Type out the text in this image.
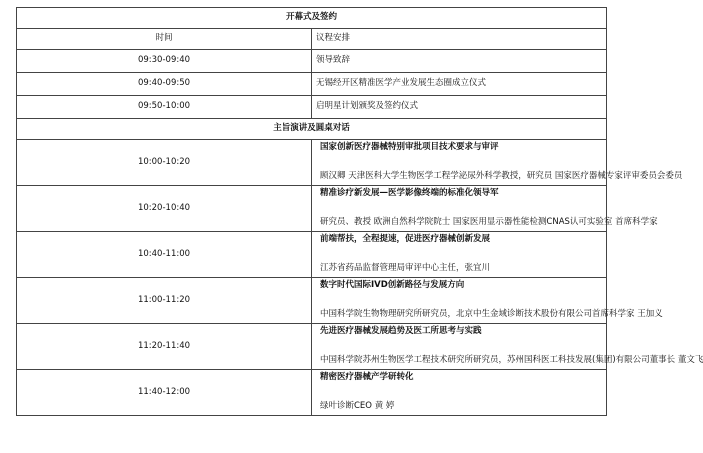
开幕式及签约	
时间	议程安排
09:30-09:40	领导致辞
09:40-09:50	无锡经开区精准医学产业发展生态圈成立仪式
09:50-10:00	启明星计划颁奖及签约仪式
主旨演讲及圆桌对话	
10:00-10:20	国家创新医疗器械特别审批项目技术要求与审评
顾汉卿 天津医科大学生物医学工程学泌尿外科学教授，研究员 国家医疗器械专家评审委员会委员

10:20-10:40	精准诊疗新发展—医学影像终端的标准化领导军
研究员、教授 欧洲自然科学院院士 国家医用显示器性能检测CNAS认可实验室 首席科学家

10:40-11:00	前端帮扶，全程提速，促进医疗器械创新发展
江苏省药品监督管理局审评中心主任，张宜川

11:00-11:20	数字时代国际IVD创新路径与发展方向
中国科学院生物物理研究所研究员，北京中生金域诊断技术股份有限公司首席科学家 王加义

11:20-11:40	先进医疗器械发展趋势及医工所思考与实践
中国科学院苏州生物医学工程技术研究所研究员，苏州国科医工科技发展(集团)有限公司董事长 董文飞

11:40-12:00	精密医疗器械产学研转化
绿叶诊断CEO 黄 婷
